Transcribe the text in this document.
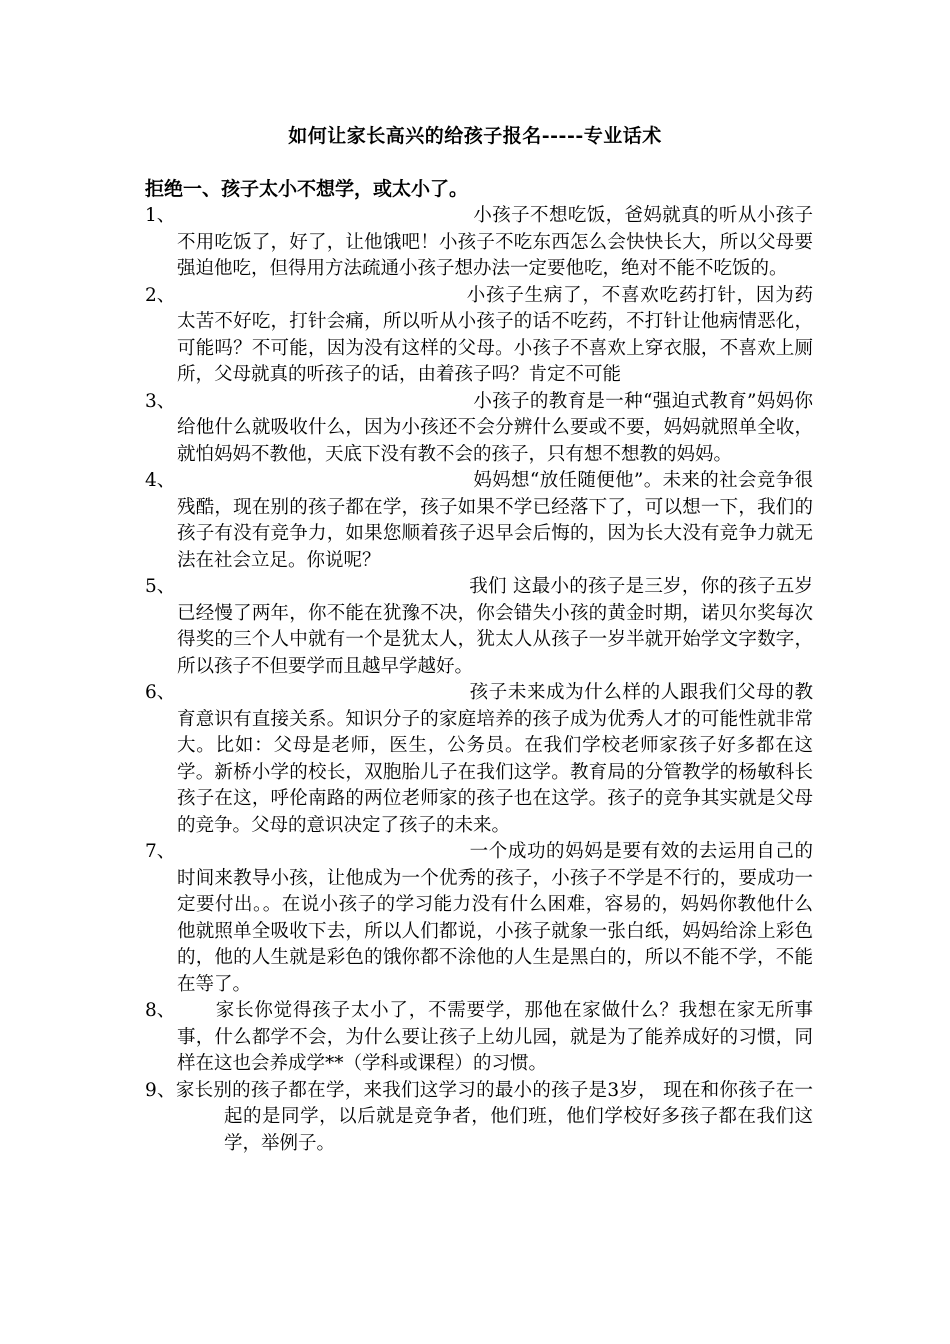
如何让家长高兴的给孩子报名-----专业话术
拒绝一、孩子太小不想学，或太小了。
1、	小孩子不想吃饭，爸妈就真的听从小孩子不用吃饭了，好了，让他饿吧！小孩子不吃东西怎么会快快长大，所以父母要强迫他吃，但得用方法疏通小孩子想办法一定要他吃，绝对不能不吃饭的。
2、	小孩子生病了，不喜欢吃药打针，因为药太苦不好吃，打针会痛，所以听从小孩子的话不吃药，不打针让他病情恶化，可能吗？不可能，因为没有这样的父母。小孩子不喜欢上穿衣服，不喜欢上厕所，父母就真的听孩子的话，由着孩子吗？肯定不可能
3、	小孩子的教育是一种“强迫式教育”妈妈你给他什么就吸收什么，因为小孩还不会分辨什么要或不要，妈妈就照单全收，就怕妈妈不教他，天底下没有教不会的孩子，只有想不想教的妈妈。
4、	妈妈想“放任随便他”。未来的社会竞争很残酷，现在别的孩子都在学，孩子如果不学已经落下了，可以想一下，我们的孩子有没有竞争力，如果您顺着孩子迟早会后悔的，因为长大没有竞争力就无法在社会立足。你说呢？
5、	我们 这最小的孩子是三岁，你的孩子五岁已经慢了两年，你不能在犹豫不决，你会错失小孩的黄金时期，诺贝尔奖每次得奖的三个人中就有一个是犹太人，犹太人从孩子一岁半就开始学文字数字，所以孩子不但要学而且越早学越好。
6、	孩子未来成为什么样的人跟我们父母的教育意识有直接关系。知识分子的家庭培养的孩子成为优秀人才的可能性就非常大。比如：父母是老师，医生，公务员。在我们学校老师家孩子好多都在这学。新桥小学的校长，双胞胎儿子在我们这学。教育局的分管教学的杨敏科长孩子在这，呼伦南路的两位老师家的孩子也在这学。孩子的竞争其实就是父母的竞争。父母的意识决定了孩子的未来。
7、	一个成功的妈妈是要有效的去运用自己的时间来教导小孩，让他成为一个优秀的孩子，小孩子不学是不行的，要成功一定要付出。。在说小孩子的学习能力没有什么困难，容易的，妈妈你教他什么他就照单全吸收下去，所以人们都说，小孩子就象一张白纸，妈妈给涂上彩色的，他的人生就是彩色的饿你都不涂他的人生是黑白的，所以不能不学，不能在等了。
8、	家长你觉得孩子太小了，不需要学，那他在家做什么？我想在家无所事事，什么都学不会，为什么要让孩子上幼儿园，就是为了能养成好的习惯，同样在这也会养成学**（学科或课程）的习惯。
9、家长别的孩子都在学，来我们这学习的最小的孩子是3岁， 现在和你孩子在一起的是同学，以后就是竞争者，他们班，他们学校好多孩子都在我们这学，举例子。
